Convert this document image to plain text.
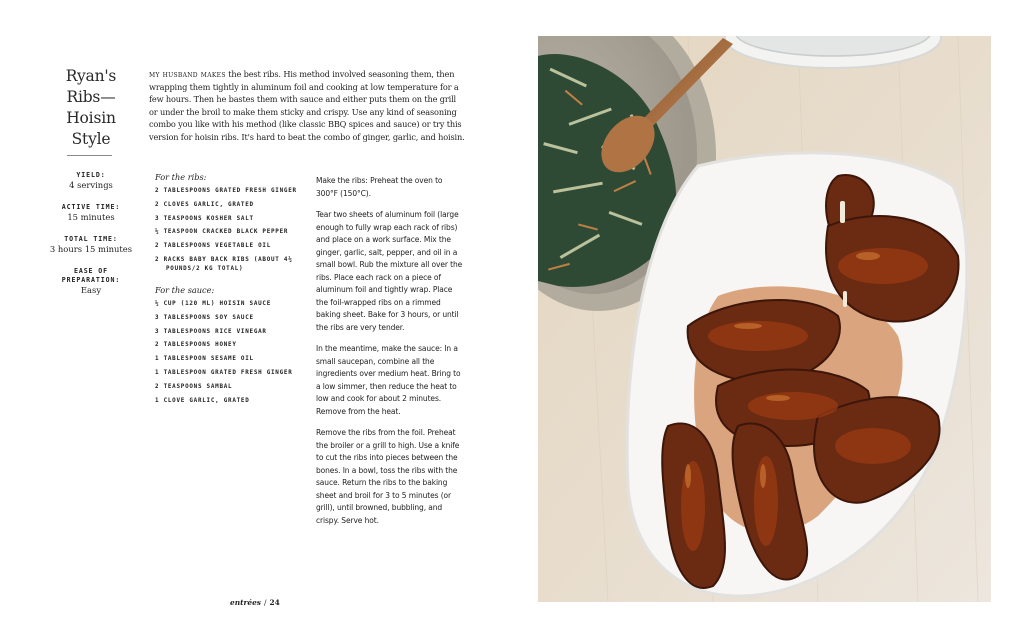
Ryan's
Ribs—
Hoisin
Style
YIELD:
4 servings
ACTIVE TIME:
15 minutes
TOTAL TIME:
3 hours 15 minutes
EASE OF PREPARATION:
Easy
my husband makes the best ribs. His method involved seasoning them, then wrapping them tightly in aluminum foil and cooking at low temperature for a few hours. Then he bastes them with sauce and either puts them on the grill or under the broil to make them sticky and crispy. Use any kind of seasoning combo you like with his method (like classic BBQ spices and sauce) or try this version for hoisin ribs. It's hard to beat the combo of ginger, garlic, and hoisin.
For the ribs:
2 TABLESPOONS GRATED FRESH GINGER
2 CLOVES GARLIC, GRATED
3 TEASPOONS KOSHER SALT
½ TEASPOON CRACKED BLACK PEPPER
2 TABLESPOONS VEGETABLE OIL
2 RACKS BABY BACK RIBS (ABOUT 4½ POUNDS/2 KG TOTAL)
For the sauce:
½ CUP (120 ML) HOISIN SAUCE
3 TABLESPOONS SOY SAUCE
3 TABLESPOONS RICE VINEGAR
2 TABLESPOONS HONEY
1 TABLESPOON SESAME OIL
1 TABLESPOON GRATED FRESH GINGER
2 TEASPOONS SAMBAL
1 CLOVE GARLIC, GRATED

Make the ribs: Preheat the oven to 300°F (150°C).

Tear two sheets of aluminum foil (large enough to fully wrap each rack of ribs) and place on a work surface. Mix the ginger, garlic, salt, pepper, and oil in a small bowl. Rub the mixture all over the ribs. Place each rack on a piece of aluminum foil and tightly wrap. Place the foil-wrapped ribs on a rimmed baking sheet. Bake for 3 hours, or until the ribs are very tender.

In the meantime, make the sauce: In a small saucepan, combine all the ingredients over medium heat. Bring to a low simmer, then reduce the heat to low and cook for about 2 minutes. Remove from the heat.

Remove the ribs from the foil. Preheat the broiler or a grill to high. Use a knife to cut the ribs into pieces between the bones. In a bowl, toss the ribs with the sauce. Return the ribs to the baking sheet and broil for 3 to 5 minutes (or grill), until browned, bubbling, and crispy. Serve hot.

entrées / 24
